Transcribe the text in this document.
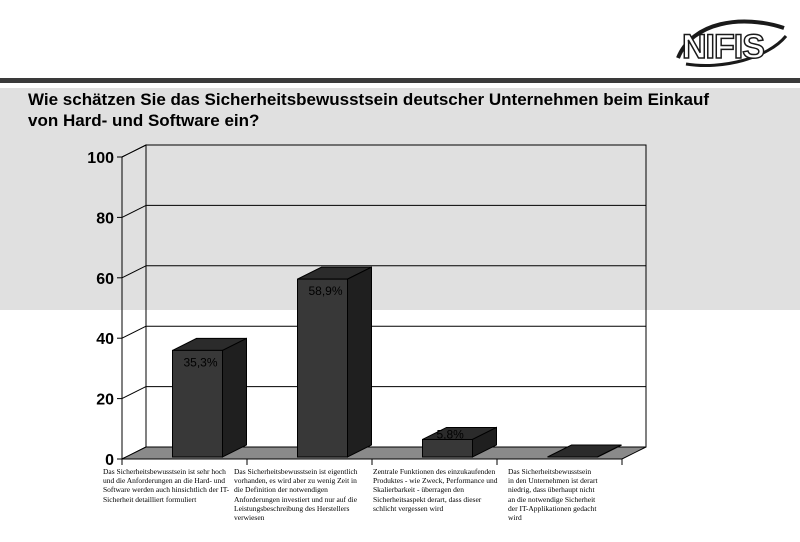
NIFIS
Wie schätzen Sie das Sicherheitsbewusstsein deutscher Unternehmen beim Einkauf von Hard- und Software ein?
0
20
40
60
80
100
35,3%
58,9%
5,8%
Das Sicherheitsbewusstsein ist sehr hoch und die Anforderungen an die Hard- und Software werden auch hinsichtlich der IT-Sicherheit detailliert formuliert
Das Sicherheitsbewusstsein ist eigentlich vorhanden, es wird aber zu wenig Zeit in die Definition der notwendigen Anforderungen investiert und nur auf die Leistungsbeschreibung des Herstellers verwiesen
Zentrale Funktionen des einzukaufenden Produktes - wie Zweck, Performance und Skalierbarkeit - überragen den Sicherheitsaspekt derart, dass dieser schlicht vergessen wird
Das Sicherheitsbewusstsein in den Unternehmen ist derart niedrig, dass überhaupt nicht an die notwendige Sicherheit der IT-Applikationen gedacht wird
